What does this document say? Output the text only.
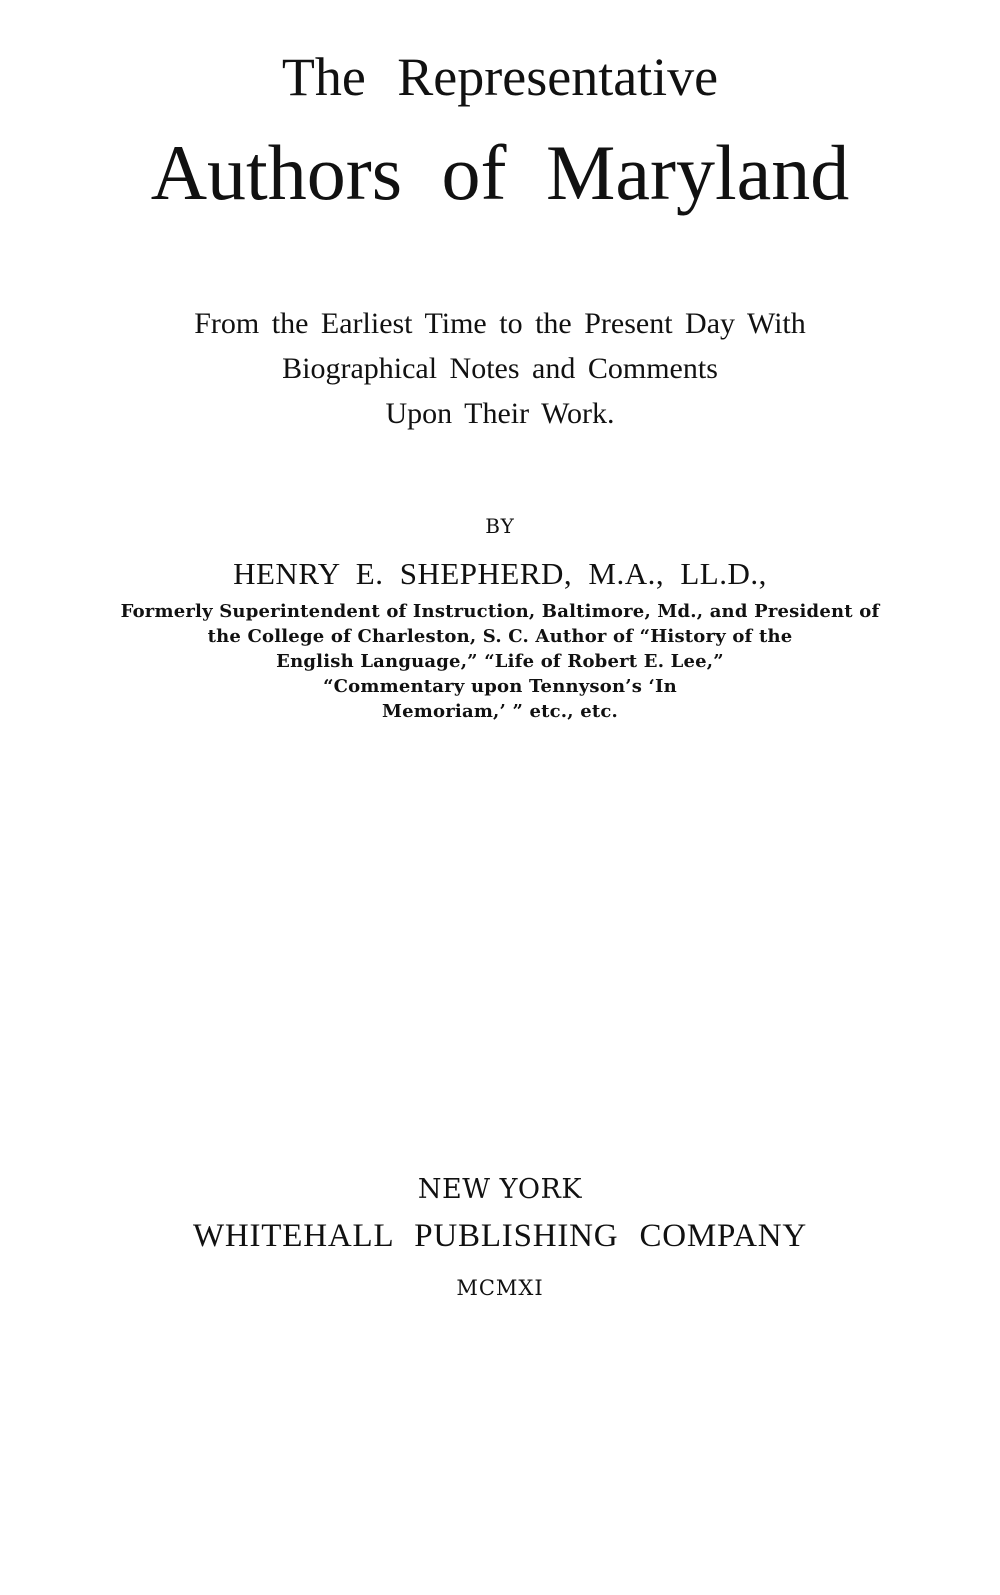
The Representative
Authors of Maryland
From the Earliest Time to the Present Day With
Biographical Notes and Comments
Upon Their Work.
BY
HENRY E. SHEPHERD, M.A., LL.D.,
Formerly Superintendent of Instruction, Baltimore, Md., and President of
the College of Charleston, S. C. Author of “History of the
English Language,” “Life of Robert E. Lee,”
“Commentary upon Tennyson’s ‘In
Memoriam,’ ” etc., etc.
NEW YORK
WHITEHALL PUBLISHING COMPANY
MCMXI
